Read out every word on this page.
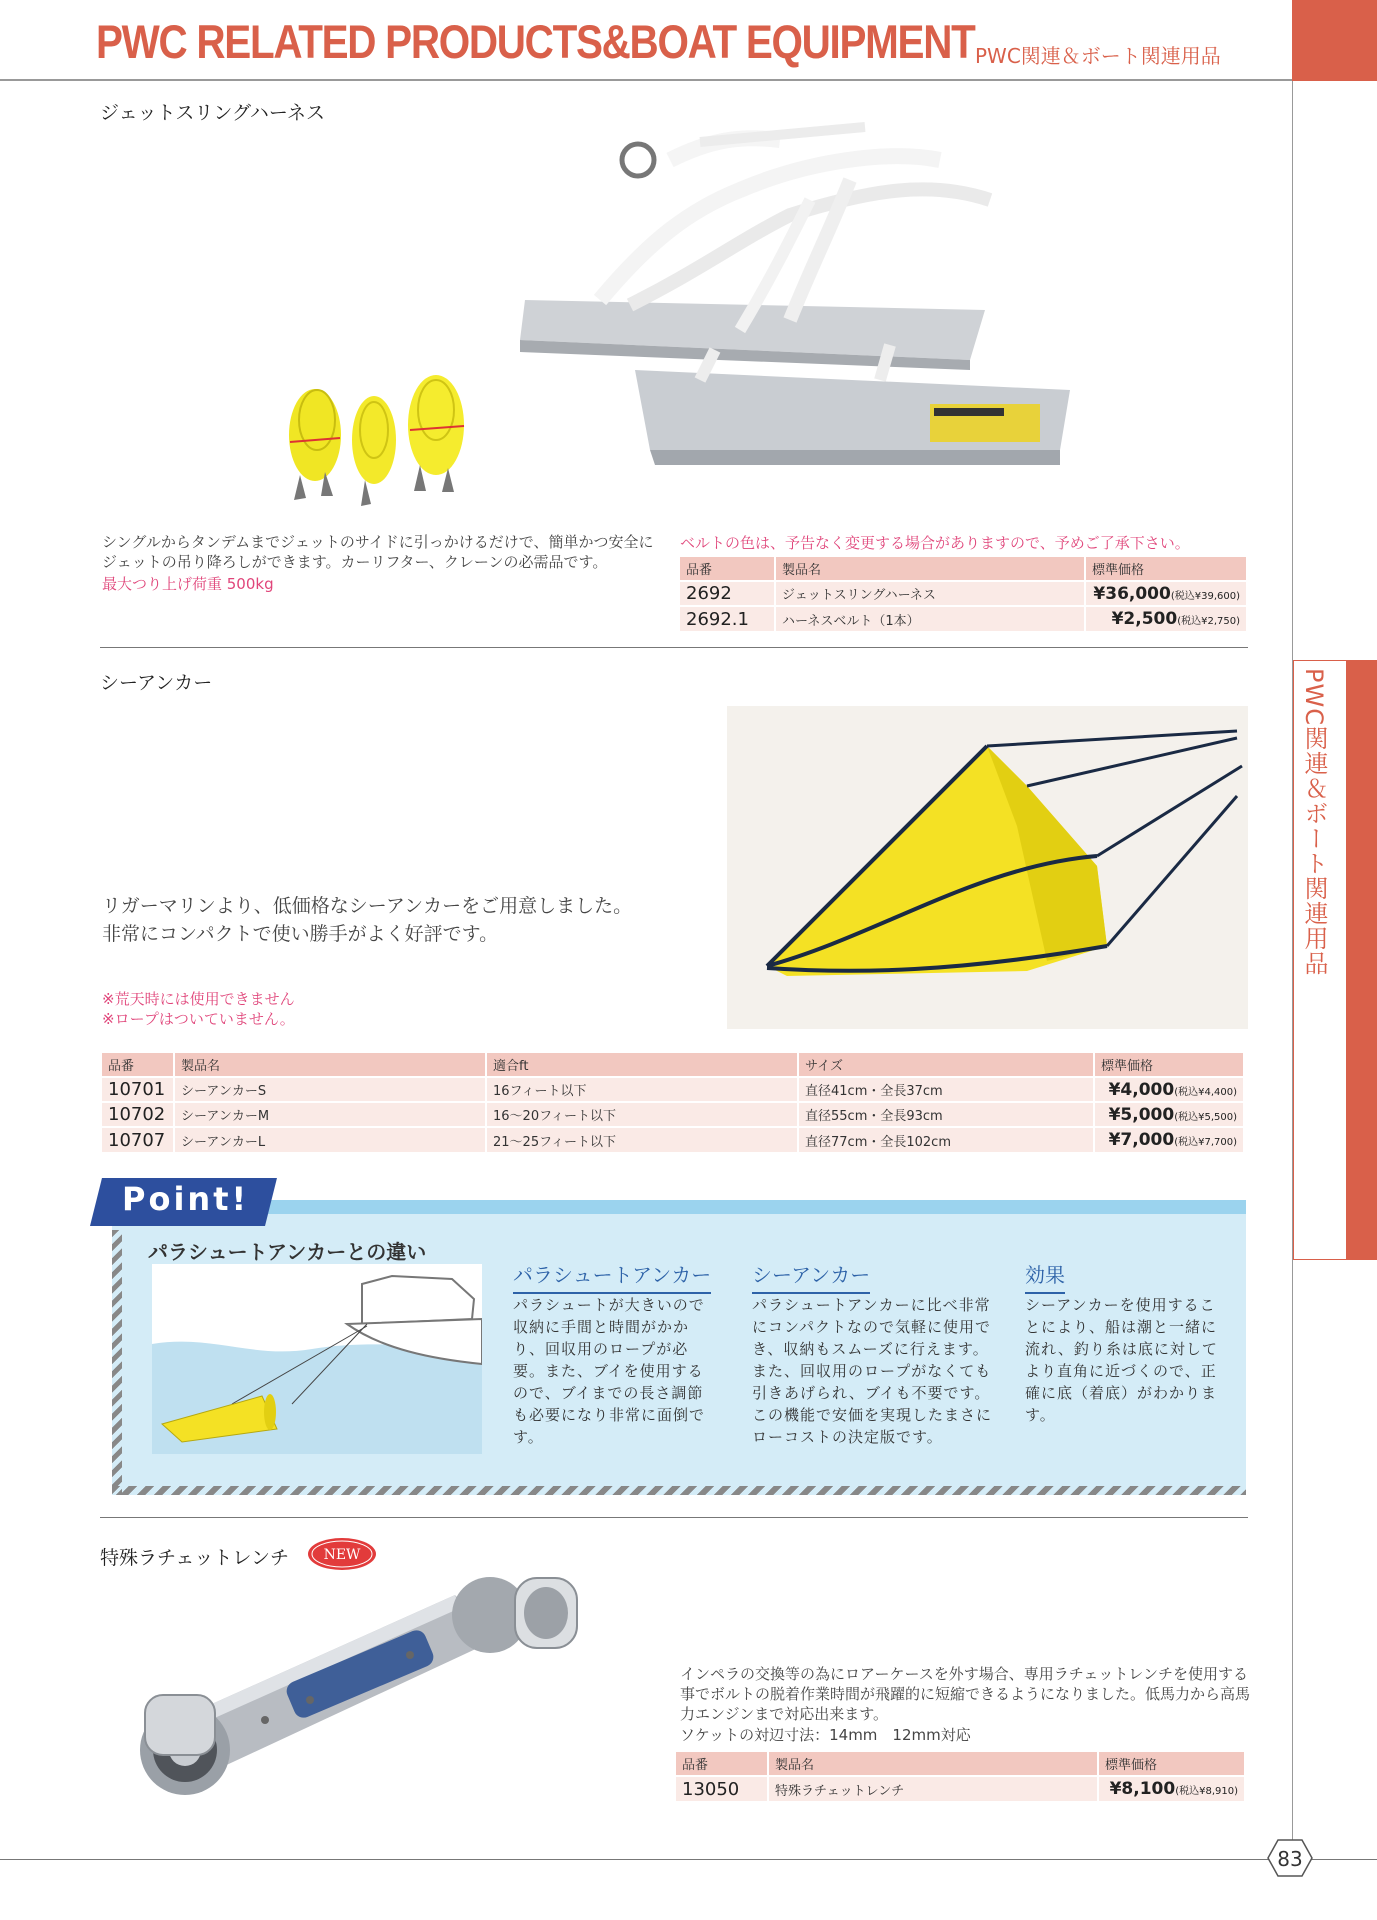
PWC RELATED PRODUCTS&BOAT EQUIPMENT PWC関連＆ボート関連用品
PWC関連＆ボート関連用品
ジェットスリングハーネス
シングルからタンデムまでジェットのサイドに引っかけるだけで、簡単かつ安全にジェットの吊り降ろしができます。カーリフター、クレーンの必需品です。
最大つり上げ荷重 500kg
ベルトの色は、予告なく変更する場合がありますので、予めご了承下さい。
品番	製品名	標準価格
2692	ジェットスリングハーネス	¥36,000(税込¥39,600)
2692.1	ハーネスベルト（1本）	¥2,500(税込¥2,750)
シーアンカー
リガーマリンより、低価格なシーアンカーをご用意しました。
非常にコンパクトで使い勝手がよく好評です。
※荒天時には使用できません
※ロープはついていません。
品番	製品名	適合ft	サイズ	標準価格
10701	シーアンカーS	16フィート以下	直径41cm・全長37cm	¥4,000(税込¥4,400)
10702	シーアンカーM	16〜20フィート以下	直径55cm・全長93cm	¥5,000(税込¥5,500)
10707	シーアンカーL	21〜25フィート以下	直径77cm・全長102cm	¥7,000(税込¥7,700)
Point!
パラシュートアンカーとの違い
パラシュートアンカー
パラシュートが大きいので収納に手間と時間がかかり、回収用のロープが必要。また、ブイを使用するので、ブイまでの長さ調節も必要になり非常に面倒です。
シーアンカー
パラシュートアンカーに比べ非常にコンパクトなので気軽に使用でき、収納もスムーズに行えます。また、回収用のロープがなくても引きあげられ、ブイも不要です。この機能で安価を実現したまさにローコストの決定版です。
効果
シーアンカーを使用することにより、船は潮と一緒に流れ、釣り糸は底に対してより直角に近づくので、正確に底（着底）がわかります。
特殊ラチェットレンチ NEW
インペラの交換等の為にロアーケースを外す場合、専用ラチェットレンチを使用する事でボルトの脱着作業時間が飛躍的に短縮できるようになりました。低馬力から高馬力エンジンまで対応出来ます。
ソケットの対辺寸法：14mm　12mm対応
品番	製品名	標準価格
13050	特殊ラチェットレンチ	¥8,100(税込¥8,910)
83
